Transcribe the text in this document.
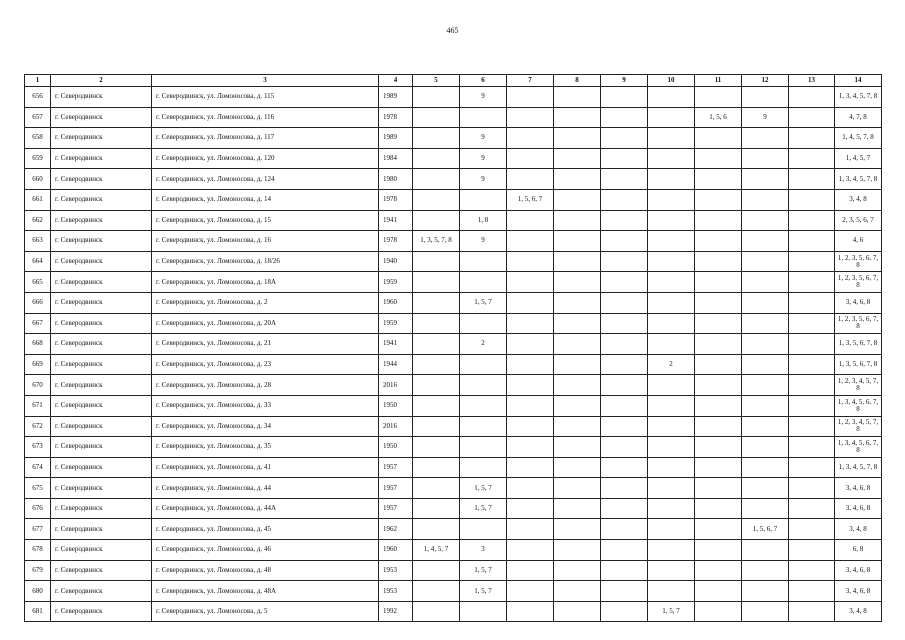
465
1	2	3	4	5	6	7	8	9	10	11	12	13	14
656	г. Северодвинск	г. Северодвинск, ул. Ломоносова, д. 115	1989		9								1, 3, 4, 5, 7, 8
657	г. Северодвинск	г. Северодвинск, ул. Ломоносова, д. 116	1978							1, 5, 6	9		4, 7, 8
658	г. Северодвинск	г. Северодвинск, ул. Ломоносова, д. 117	1989		9								1, 4, 5, 7, 8
659	г. Северодвинск	г. Северодвинск, ул. Ломоносова, д. 120	1984		9								1, 4, 5, 7
660	г. Северодвинск	г. Северодвинск, ул. Ломоносова, д. 124	1980		9								1, 3, 4, 5, 7, 8
661	г. Северодвинск	г. Северодвинск, ул. Ломоносова, д. 14	1978			1, 5, 6, 7							3, 4, 8
662	г. Северодвинск	г. Северодвинск, ул. Ломоносова, д. 15	1941		1, 8								2, 3, 5, 6, 7
663	г. Северодвинск	г. Северодвинск, ул. Ломоносова, д. 16	1978	1, 3, 5, 7, 8	9								4, 6
664	г. Северодвинск	г. Северодвинск, ул. Ломоносова, д. 18/26	1940										1, 2, 3, 5, 6, 7, 8
665	г. Северодвинск	г. Северодвинск, ул. Ломоносова, д. 18А	1959										1, 2, 3, 5, 6, 7, 8
666	г. Северодвинск	г. Северодвинск, ул. Ломоносова, д. 2	1960		1, 5, 7								3, 4, 6, 8
667	г. Северодвинск	г. Северодвинск, ул. Ломоносова, д. 20А	1959										1, 2, 3, 5, 6, 7, 8
668	г. Северодвинск	г. Северодвинск, ул. Ломоносова, д. 21	1941		2								1, 3, 5, 6, 7, 8
669	г. Северодвинск	г. Северодвинск, ул. Ломоносова, д. 23	1944						2				1, 3, 5, 6, 7, 8
670	г. Северодвинск	г. Северодвинск, ул. Ломоносова, д. 28	2016										1, 2, 3, 4, 5, 7, 8
671	г. Северодвинск	г. Северодвинск, ул. Ломоносова, д. 33	1950										1, 3, 4, 5, 6, 7, 8
672	г. Северодвинск	г. Северодвинск, ул. Ломоносова, д. 34	2016										1, 2, 3, 4, 5, 7, 8
673	г. Северодвинск	г. Северодвинск, ул. Ломоносова, д. 35	1950										1, 3, 4, 5, 6, 7, 8
674	г. Северодвинск	г. Северодвинск, ул. Ломоносова, д. 41	1957										1, 3, 4, 5, 7, 8
675	г. Северодвинск	г. Северодвинск, ул. Ломоносова, д. 44	1957		1, 5, 7								3, 4, 6, 8
676	г. Северодвинск	г. Северодвинск, ул. Ломоносова, д. 44А	1957		1, 5, 7								3, 4, 6, 8
677	г. Северодвинск	г. Северодвинск, ул. Ломоносова, д. 45	1962								1, 5, 6, 7		3, 4, 8
678	г. Северодвинск	г. Северодвинск, ул. Ломоносова, д. 46	1960	1, 4, 5, 7	3								6, 8
679	г. Северодвинск	г. Северодвинск, ул. Ломоносова, д. 48	1953		1, 5, 7								3, 4, 6, 8
680	г. Северодвинск	г. Северодвинск, ул. Ломоносова, д. 48А	1953		1, 5, 7								3, 4, 6, 8
681	г. Северодвинск	г. Северодвинск, ул. Ломоносова, д. 5	1992						1, 5, 7				3, 4, 8
